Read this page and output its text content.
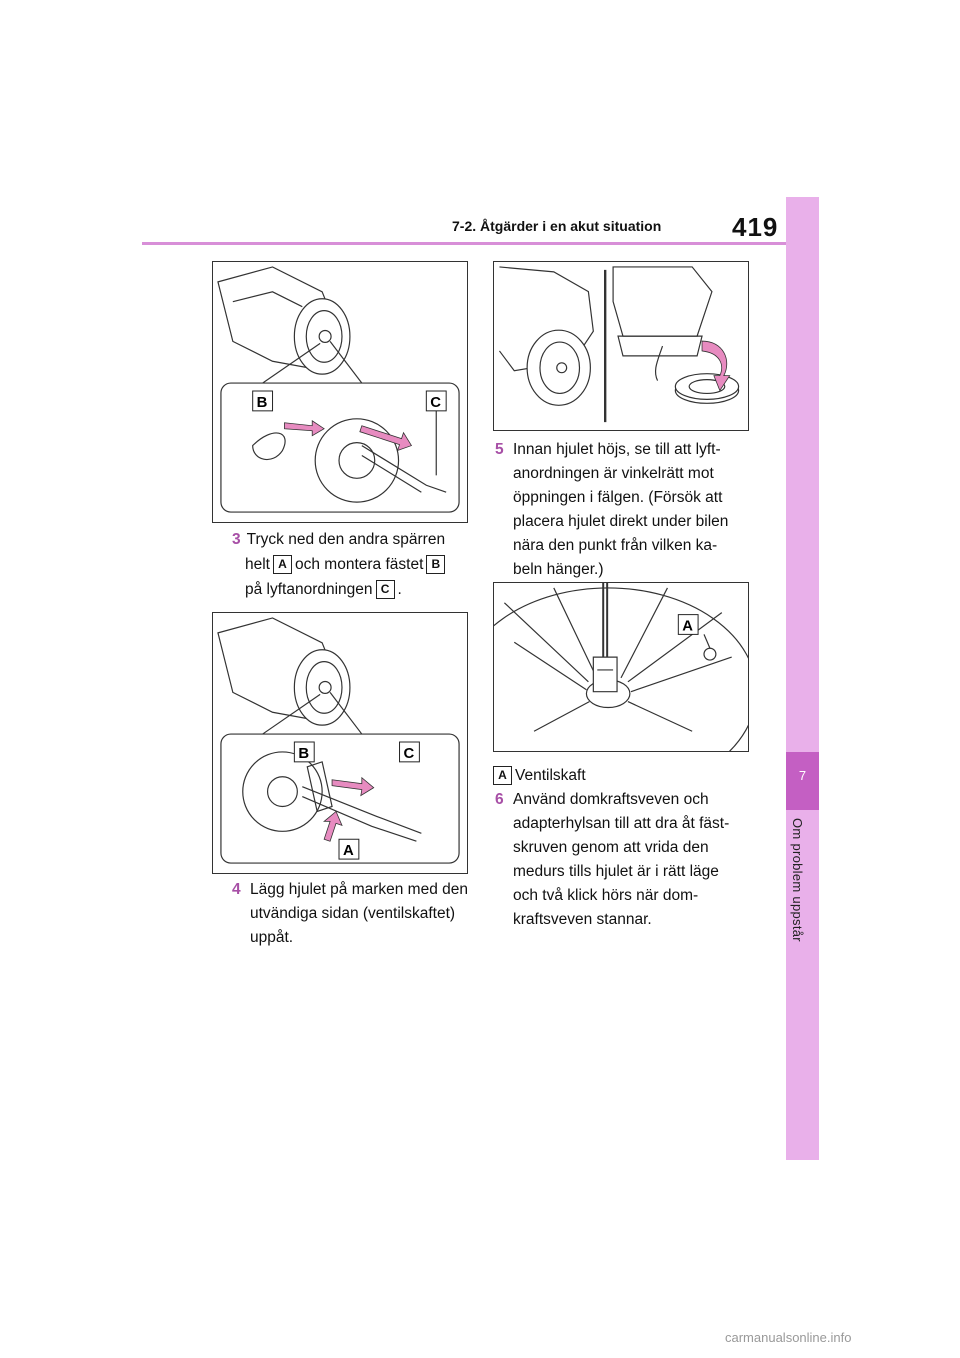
7-2. Åtgärder i en akut situation	419
7
Om problem uppstår
B	C
3 Tryck ned den andra spärren
helt A och montera fästet B
på lyftanordningen C .
B	C
A
4 Lägg hjulet på marken med den
utvändiga sidan (ventilskaftet)
uppåt.
5 Innan hjulet höjs, se till att lyft-
anordningen är vinkelrätt mot
öppningen i fälgen. (Försök att
placera hjulet direkt under bilen
nära den punkt från vilken ka-
beln hänger.)
A
A Ventilskaft
6 Använd domkraftsveven och
adapterhylsan till att dra åt fäst-
skruven genom att vrida den
medurs tills hjulet är i rätt läge
och två klick hörs när dom-
kraftsveven stannar.
carmanualsonline.info
